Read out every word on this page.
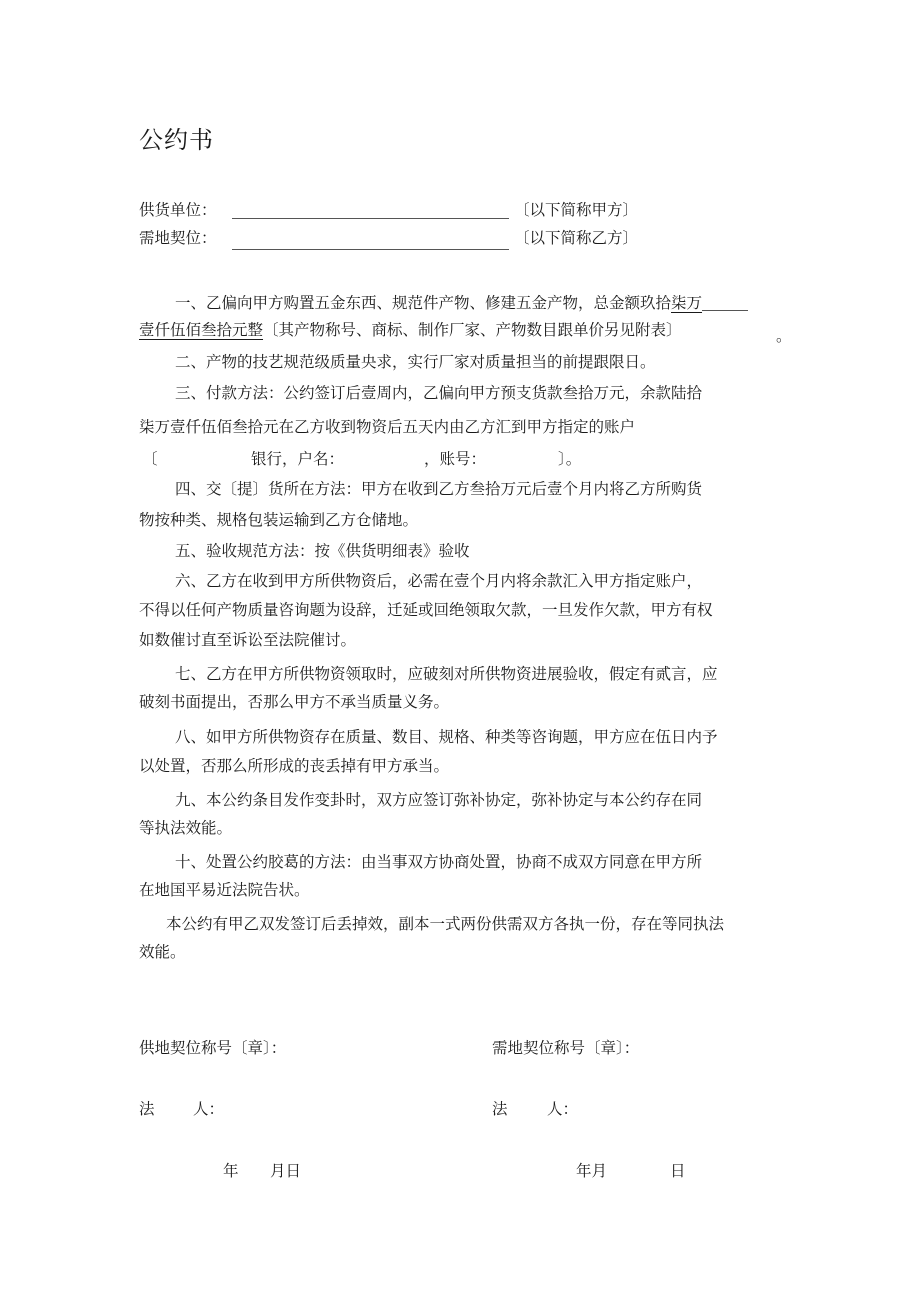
公约书
供货单位：	〔以下简称甲方〕
需地契位：	〔以下简称乙方〕
一、乙偏向甲方购置五金东西、规范件产物、修建五金产物，总金额玖拾柒万
壹仟伍佰叁拾元整〔其产物称号、商标、制作厂家、产物数目跟单价另见附表〕	。
二、产物的技艺规范级质量央求，实行厂家对质量担当的前提跟限日。
三、付款方法：公约签订后壹周内，乙偏向甲方预支货款叁拾万元，余款陆拾
柒万壹仟伍佰叁拾元在乙方收到物资后五天内由乙方汇到甲方指定的账户
〔	银行，户名：	，账号：	〕。
四、交〔提〕货所在方法：甲方在收到乙方叁拾万元后壹个月内将乙方所购货
物按种类、规格包装运输到乙方仓储地。
五、验收规范方法：按《供货明细表》验收
六、乙方在收到甲方所供物资后，必需在壹个月内将余款汇入甲方指定账户，
不得以任何产物质量咨询题为设辞，迁延或回绝领取欠款，一旦发作欠款，甲方有权
如数催讨直至诉讼至法院催讨。
七、乙方在甲方所供物资领取时，应破刻对所供物资进展验收，假定有贰言，应
破刻书面提出，否那么甲方不承当质量义务。
八、如甲方所供物资存在质量、数目、规格、种类等咨询题，甲方应在伍日内予
以处置，否那么所形成的丧丢掉有甲方承当。
九、本公约条目发作变卦时，双方应签订弥补协定，弥补协定与本公约存在同
等执法效能。
十、处置公约胶葛的方法：由当事双方协商处置，协商不成双方同意在甲方所
在地国平易近法院告状。
本公约有甲乙双发签订后丢掉效，副本一式两份供需双方各执一份，存在等同执法
效能。
供地契位称号〔章〕：	需地契位称号〔章〕：
法 人：	法	人：
年 月日	年月	日
